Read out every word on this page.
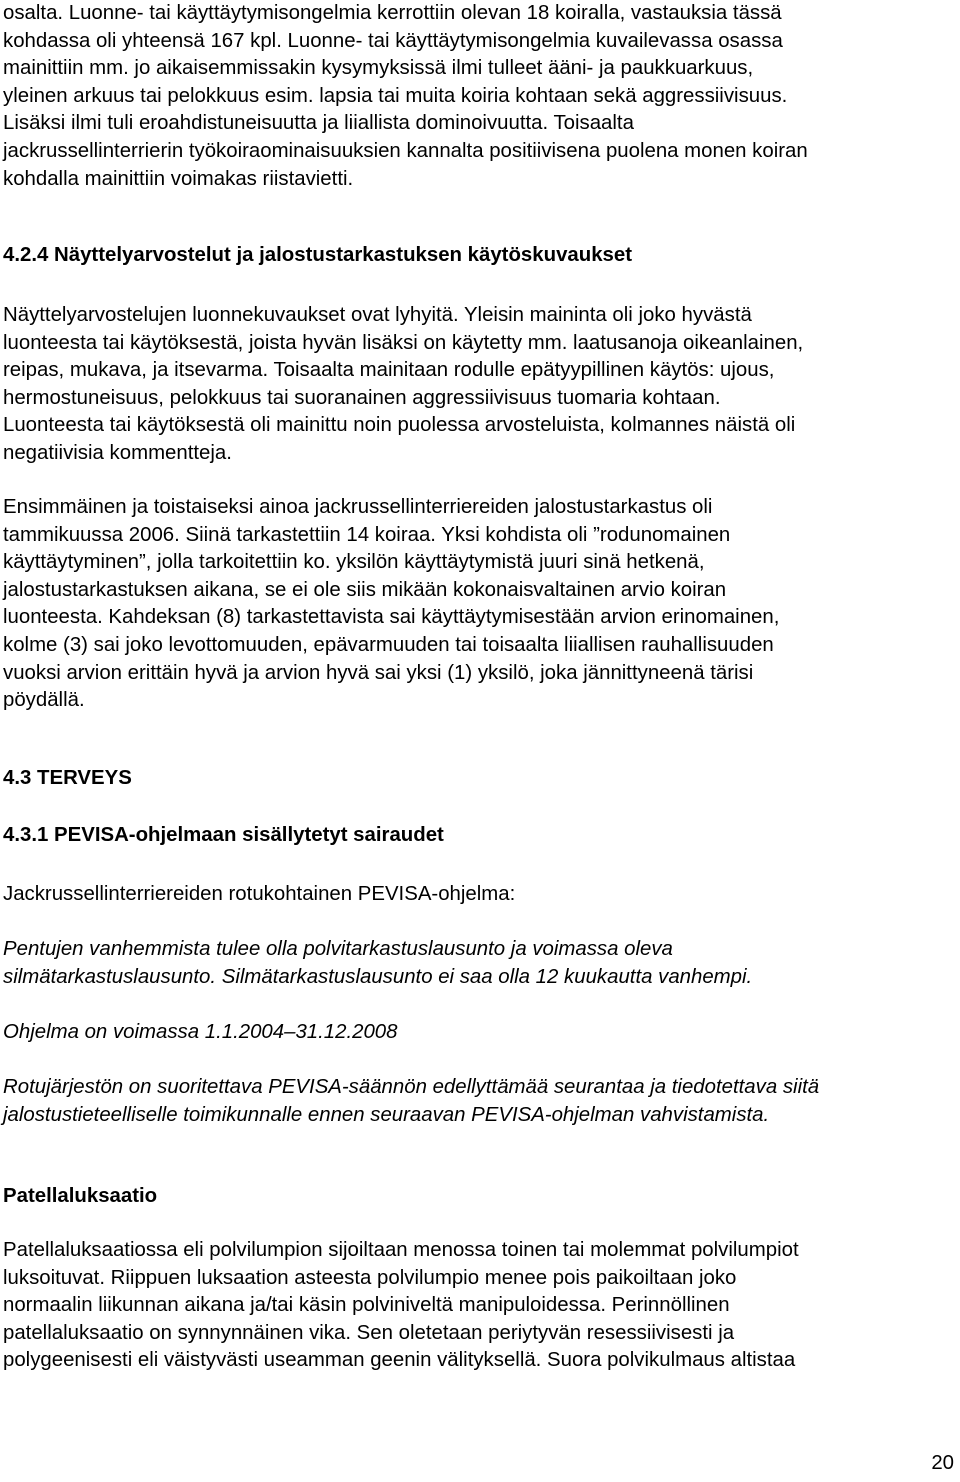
osalta. Luonne- tai käyttäytymisongelmia kerrottiin olevan 18 koiralla, vastauksia tässä
kohdassa oli yhteensä 167 kpl. Luonne- tai käyttäytymisongelmia kuvailevassa osassa
mainittiin mm. jo aikaisemmissakin kysymyksissä ilmi tulleet ääni- ja paukkuarkuus,
yleinen arkuus tai pelokkuus esim. lapsia tai muita koiria kohtaan sekä aggressiivisuus.
Lisäksi ilmi tuli eroahdistuneisuutta ja liiallista dominoivuutta. Toisaalta
jackrussellinterrierin työkoiraominaisuuksien kannalta positiivisena puolena monen koiran
kohdalla mainittiin voimakas riistavietti.
4.2.4 Näyttelyarvostelut ja jalostustarkastuksen käytöskuvaukset
Näyttelyarvostelujen luonnekuvaukset ovat lyhyitä. Yleisin maininta oli joko hyvästä
luonteesta tai käytöksestä, joista hyvän lisäksi on käytetty mm. laatusanoja oikeanlainen,
reipas, mukava, ja itsevarma. Toisaalta mainitaan rodulle epätyypillinen käytös: ujous,
hermostuneisuus, pelokkuus tai suoranainen aggressiivisuus tuomaria kohtaan.
Luonteesta tai käytöksestä oli mainittu noin puolessa arvosteluista, kolmannes näistä oli
negatiivisia kommentteja.
Ensimmäinen ja toistaiseksi ainoa jackrussellinterriereiden jalostustarkastus oli
tammikuussa 2006. Siinä tarkastettiin 14 koiraa. Yksi kohdista oli ”rodunomainen
käyttäytyminen”, jolla tarkoitettiin ko. yksilön käyttäytymistä juuri sinä hetkenä,
jalostustarkastuksen aikana, se ei ole siis mikään kokonaisvaltainen arvio koiran
luonteesta. Kahdeksan (8) tarkastettavista sai käyttäytymisestään arvion erinomainen,
kolme (3) sai joko levottomuuden, epävarmuuden tai toisaalta liiallisen rauhallisuuden
vuoksi arvion erittäin hyvä ja arvion hyvä sai yksi (1) yksilö, joka jännittyneenä tärisi
pöydällä.
4.3 TERVEYS
4.3.1 PEVISA-ohjelmaan sisällytetyt sairaudet
Jackrussellinterriereiden rotukohtainen PEVISA-ohjelma:
Pentujen vanhemmista tulee olla polvitarkastuslausunto ja voimassa oleva
silmätarkastuslausunto. Silmätarkastuslausunto ei saa olla 12 kuukautta vanhempi.
Ohjelma on voimassa 1.1.2004–31.12.2008
Rotujärjestön on suoritettava PEVISA-säännön edellyttämää seurantaa ja tiedotettava siitä
jalostustieteelliselle toimikunnalle ennen seuraavan PEVISA-ohjelman vahvistamista.
Patellaluksaatio
Patellaluksaatiossa eli polvilumpion sijoiltaan menossa toinen tai molemmat polvilumpiot
luksoituvat. Riippuen luksaation asteesta polvilumpio menee pois paikoiltaan joko
normaalin liikunnan aikana ja/tai käsin polviniveltä manipuloidessa. Perinnöllinen
patellaluksaatio on synnynnäinen vika. Sen oletetaan periytyvän resessiivisesti ja
polygeenisesti eli väistyvästi useamman geenin välityksellä. Suora polvikulmaus altistaa
20
